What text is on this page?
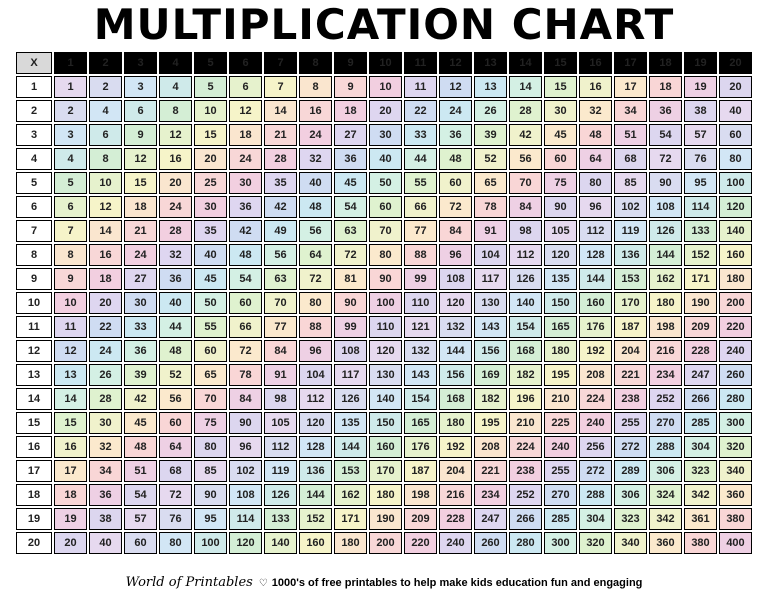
MULTIPLICATION CHART
X	1	2	3	4	5	6	7	8	9	10	11	12	13	14	15	16	17	18	19	20
1	1	2	3	4	5	6	7	8	9	10	11	12	13	14	15	16	17	18	19	20
2	2	4	6	8	10	12	14	16	18	20	22	24	26	28	30	32	34	36	38	40
3	3	6	9	12	15	18	21	24	27	30	33	36	39	42	45	48	51	54	57	60
4	4	8	12	16	20	24	28	32	36	40	44	48	52	56	60	64	68	72	76	80
5	5	10	15	20	25	30	35	40	45	50	55	60	65	70	75	80	85	90	95	100
6	6	12	18	24	30	36	42	48	54	60	66	72	78	84	90	96	102	108	114	120
7	7	14	21	28	35	42	49	56	63	70	77	84	91	98	105	112	119	126	133	140
8	8	16	24	32	40	48	56	64	72	80	88	96	104	112	120	128	136	144	152	160
9	9	18	27	36	45	54	63	72	81	90	99	108	117	126	135	144	153	162	171	180
10	10	20	30	40	50	60	70	80	90	100	110	120	130	140	150	160	170	180	190	200
11	11	22	33	44	55	66	77	88	99	110	121	132	143	154	165	176	187	198	209	220
12	12	24	36	48	60	72	84	96	108	120	132	144	156	168	180	192	204	216	228	240
13	13	26	39	52	65	78	91	104	117	130	143	156	169	182	195	208	221	234	247	260
14	14	28	42	56	70	84	98	112	126	140	154	168	182	196	210	224	238	252	266	280
15	15	30	45	60	75	90	105	120	135	150	165	180	195	210	225	240	255	270	285	300
16	16	32	48	64	80	96	112	128	144	160	176	192	208	224	240	256	272	288	304	320
17	17	34	51	68	85	102	119	136	153	170	187	204	221	238	255	272	289	306	323	340
18	18	36	54	72	90	108	126	144	162	180	198	216	234	252	270	288	306	324	342	360
19	19	38	57	76	95	114	133	152	171	190	209	228	247	266	285	304	323	342	361	380
20	20	40	60	80	100	120	140	160	180	200	220	240	260	280	300	320	340	360	380	400
World of Printables ♡ 1000's of free printables to help make kids education fun and engaging
